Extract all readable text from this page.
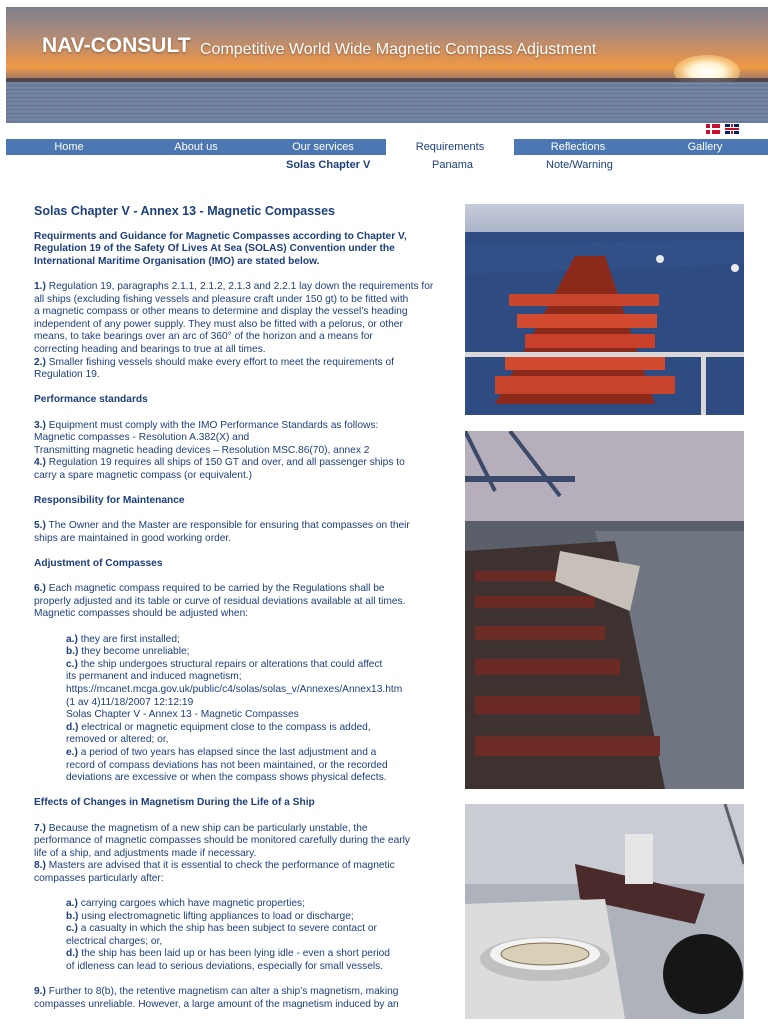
NAV-CONSULT Competitive World Wide Magnetic Compass Adjustment
Home	About us	Our services	Requirements	Reflections	Gallery
Solas Chapter V	Panama	Note/Warning
Solas Chapter V - Annex 13 - Magnetic Compasses

Requirments and Guidance for Magnetic Compasses according to Chapter V, Regulation 19 of the Safety Of Lives At Sea (SOLAS) Convention under the International Maritime Organisation (IMO) are stated below.

1.) Regulation 19, paragraphs 2.1.1, 2.1.2, 2.1.3 and 2.2.1 lay down the requirements for
all ships (excluding fishing vessels and pleasure craft under 150 gt) to be fitted with
a magnetic compass or other means to determine and display the vessel’s heading
independent of any power supply. They must also be fitted with a pelorus, or other
means, to take bearings over an arc of 360° of the horizon and a means for
correcting heading and bearings to true at all times.
2.) Smaller fishing vessels should make every effort to meet the requirements of
Regulation 19.

Performance standards

3.) Equipment must comply with the IMO Performance Standards as follows:
Magnetic compasses - Resolution A.382(X) and
Transmitting magnetic heading devices – Resolution MSC.86(70), annex 2
4.) Regulation 19 requires all ships of 150 GT and over, and all passenger ships to
carry a spare magnetic compass (or equivalent.)

Responsibility for Maintenance

5.) The Owner and the Master are responsible for ensuring that compasses on their
ships are maintained in good working order.

Adjustment of Compasses

6.) Each magnetic compass required to be carried by the Regulations shall be
properly adjusted and its table or curve of residual deviations available at all times.
Magnetic compasses should be adjusted when:

a.) they are first installed;
b.) they become unreliable;
c.) the ship undergoes structural repairs or alterations that could affect
its permanent and induced magnetism;
https://mcanet.mcga.gov.uk/public/c4/solas/solas_v/Annexes/Annex13.htm
(1 av 4)11/18/2007 12:12:19
Solas Chapter V - Annex 13 - Magnetic Compasses
d.) electrical or magnetic equipment close to the compass is added,
removed or altered; or,
e.) a period of two years has elapsed since the last adjustment and a
record of compass deviations has not been maintained, or the recorded
deviations are excessive or when the compass shows physical defects.

Effects of Changes in Magnetism During the Life of a Ship

7.) Because the magnetism of a new ship can be particularly unstable, the
performance of magnetic compasses should be monitored carefully during the early
life of a ship, and adjustments made if necessary.
8.) Masters are advised that it is essential to check the performance of magnetic
compasses particularly after:

a.) carrying cargoes which have magnetic properties;
b.) using electromagnetic lifting appliances to load or discharge;
c.) a casualty in which the ship has been subject to severe contact or
electrical charges; or,
d.) the ship has been laid up or has been lying idle - even a short period
of idleness can lead to serious deviations, especially for small vessels.

9.) Further to 8(b), the retentive magnetism can alter a ship’s magnetism, making
compasses unreliable. However, a large amount of the magnetism induced by an
